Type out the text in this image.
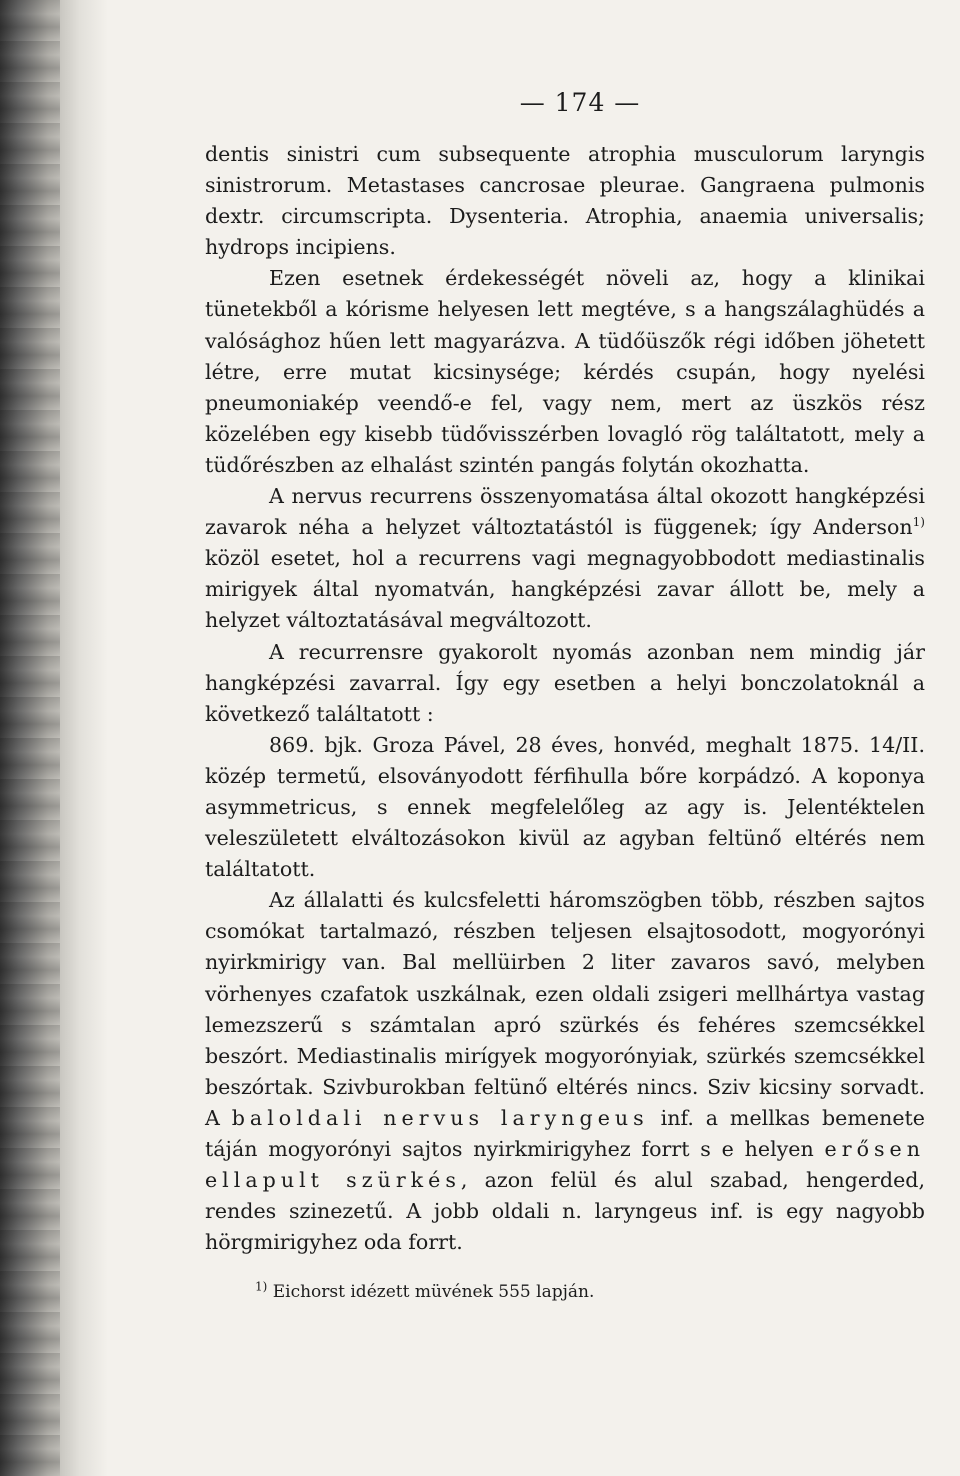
— 174 —

dentis sinistri cum subsequente atrophia musculorum laryngis sinistrorum. Metastases cancrosae pleurae. Gangraena pulmonis dextr. circumscripta. Dysenteria. Atrophia, anaemia universalis; hydrops incipiens.

Ezen esetnek érdekességét növeli az, hogy a klinikai tünetekből a kórisme helyesen lett megtéve, s a hangszálaghüdés a valósághoz hűen lett magyarázva. A tüdőüszők régi időben jöhetett létre, erre mutat kicsinysége; kérdés csupán, hogy nyelési pneumoniakép veendő-e fel, vagy nem, mert az üszkös rész közelében egy kisebb tüdővisszérben lovagló rög találtatott, mely a tüdőrészben az elhalást szintén pangás folytán okozhatta.

A nervus recurrens összenyomatása által okozott hangképzési zavarok néha a helyzet változtatástól is függenek; így Anderson$^{1)}$ közöl esetet, hol a recurrens vagi megnagyobbodott mediastinalis mirigyek által nyomatván, hangképzési zavar állott be, mely a helyzet változtatásával megváltozott.

A recurrensre gyakorolt nyomás azonban nem mindig jár hangképzési zavarral. Így egy esetben a helyi bonczolatoknál a következő találtatott :

869. bjk. Groza Pável, 28 éves, honvéd, meghalt 1875. 14/II. közép termetű, elsoványodott férfihulla bőre korpádzó. A koponya asymmetricus, s ennek megfelelőleg az agy is. Jelentéktelen veleszületett elváltozásokon kivül az agyban feltünő eltérés nem találtatott.

Az állalatti és kulcsfeletti háromszögben több, részben sajtos csomókat tartalmazó, részben teljesen elsajtosodott, mogyorónyi nyirkmirigy van. Bal mellüirben 2 liter zavaros savó, melyben vörhenyes czafatok uszkálnak, ezen oldali zsigeri mellhártya vastag lemezszerű s számtalan apró szürkés és fehéres szemcsékkel beszórt. Mediastinalis mirígyek mogyorónyiak, szürkés szemcsékkel beszórtak. Szivburokban feltünő eltérés nincs. Sziv kicsiny sorvadt. A baloldali nervus laryngeus inf. a mellkas bemenete táján mogyorónyi sajtos nyirkmirigyhez forrt s e helyen erősen ellapult szürkés, azon felül és alul szabad, hengerded, rendes szinezetű. A jobb oldali n. laryngeus inf. is egy nagyobb hörgmirigyhez oda forrt.

$^{1)}$ Eichorst idézett müvének 555 lapján.
